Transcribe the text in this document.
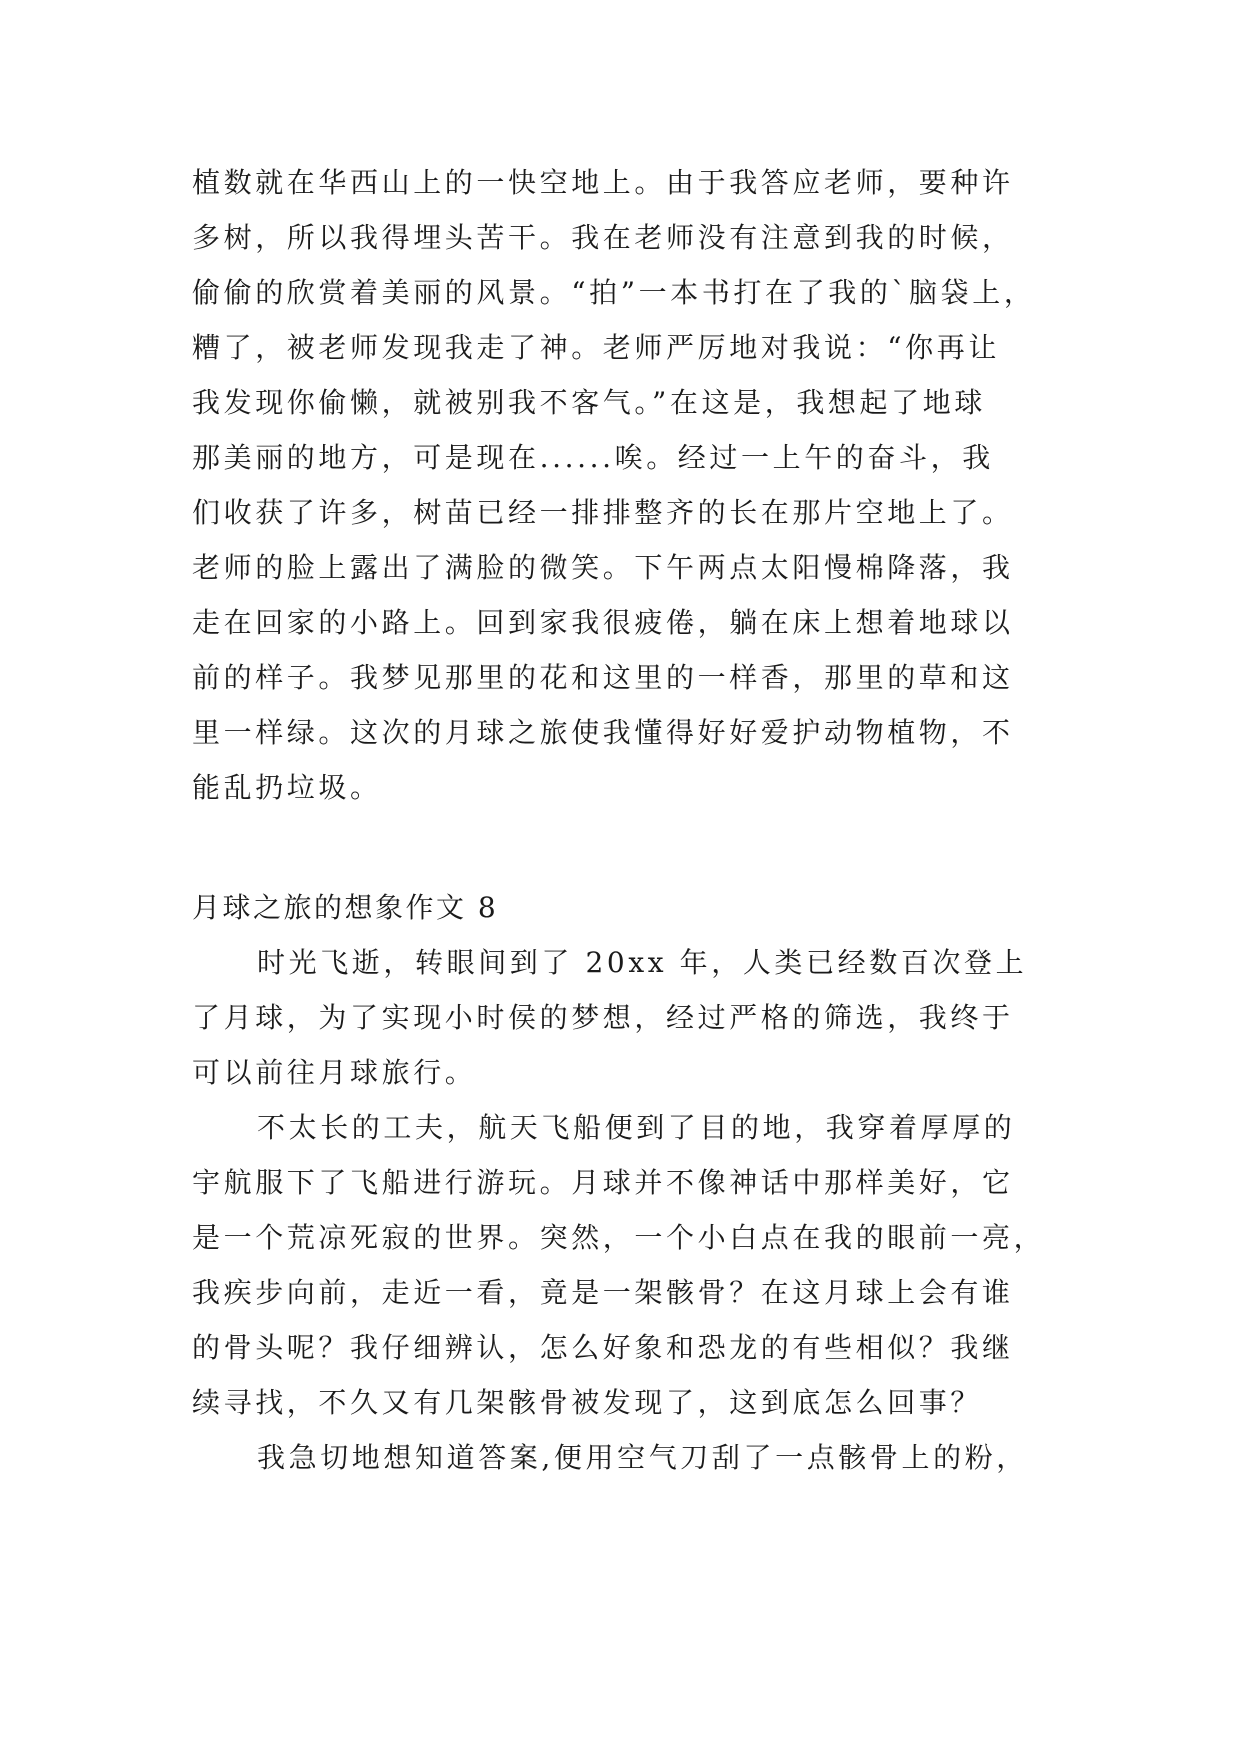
植数就在华西山上的一快空地上。由于我答应老师，要种许
多树，所以我得埋头苦干。我在老师没有注意到我的时候，
偷偷的欣赏着美丽的风景。“拍”一本书打在了我的`脑袋上，
糟了，被老师发现我走了神。老师严厉地对我说：“你再让
我发现你偷懒，就被别我不客气。”在这是，我想起了地球
那美丽的地方，可是现在......唉。经过一上午的奋斗，我
们收获了许多，树苗已经一排排整齐的长在那片空地上了。
老师的脸上露出了满脸的微笑。下午两点太阳慢棉降落，我
走在回家的小路上。回到家我很疲倦，躺在床上想着地球以
前的样子。我梦见那里的花和这里的一样香，那里的草和这
里一样绿。这次的月球之旅使我懂得好好爱护动物植物，不
能乱扔垃圾。
月球之旅的想象作文 8
时光飞逝，转眼间到了 20xx 年，人类已经数百次登上
了月球，为了实现小时侯的梦想，经过严格的筛选，我终于
可以前往月球旅行。
不太长的工夫，航天飞船便到了目的地，我穿着厚厚的
宇航服下了飞船进行游玩。月球并不像神话中那样美好，它
是一个荒凉死寂的世界。突然，一个小白点在我的眼前一亮，
我疾步向前，走近一看，竟是一架骸骨？在这月球上会有谁
的骨头呢？我仔细辨认，怎么好象和恐龙的有些相似？我继
续寻找，不久又有几架骸骨被发现了，这到底怎么回事？
我急切地想知道答案,便用空气刀刮了一点骸骨上的粉，
